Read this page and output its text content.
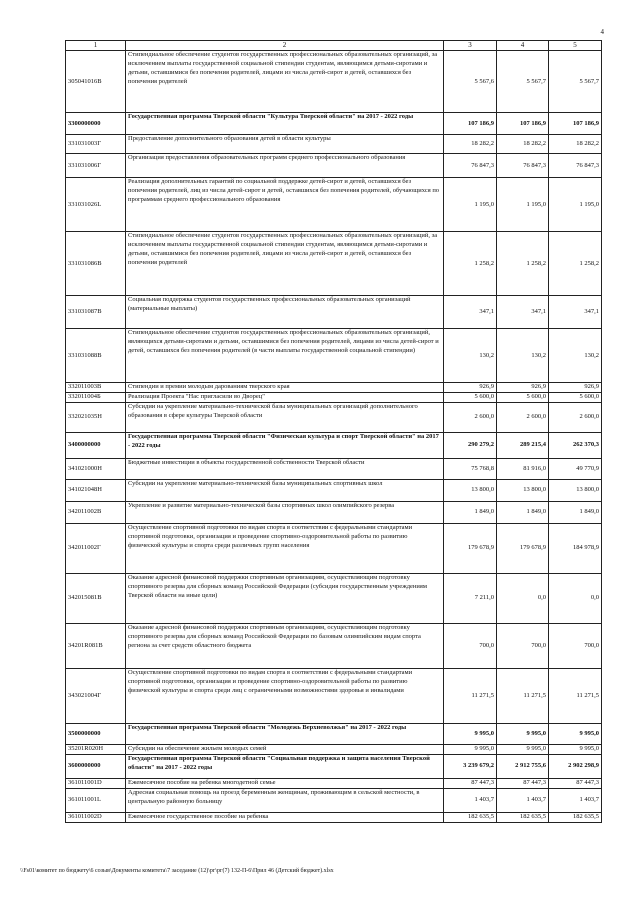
4
1	2	3	4	5
305041016B	Стипендиальное обеспечение студентов государственных профессиональных образовательных организаций, за исключением выплаты государственной социальной стипендии студентам, являющимся детьми-сиротами и детьми, оставшимися без попечения родителей, лицами из числа детей-сирот и детей, оставшихся без попечения родителей	5 567,6	5 567,7	5 567,7
3300000000	Государственная программа Тверской области "Культура Тверской области" на 2017 - 2022 годы	107 186,9	107 186,9	107 186,9
331031003Г	Предоставление дополнительного образования детей в области культуры	18 282,2	18 282,2	18 282,2
331031006Г	Организация предоставления образовательных программ среднего профессионального образования	76 847,3	76 847,3	76 847,3
331031026L	Реализация дополнительных гарантий по социальной поддержке детей-сирот и детей, оставшихся без попечения родителей, лиц из числа детей-сирот и детей, оставшихся без попечения родителей, обучающихся по программам среднего профессионального образования	1 195,0	1 195,0	1 195,0
331031086В	Стипендиальное обеспечение студентов государственных профессиональных образовательных организаций, за исключением выплаты государственной социальной стипендии студентам, являющимся детьми-сиротами и детьми, оставшимися без попечения родителей, лицами из числа детей-сирот и детей, оставшихся без попечения родителей	1 258,2	1 258,2	1 258,2
331031087В	Социальная поддержка студентов государственных профессиональных образовательных организаций (материальные выплаты)	347,1	347,1	347,1
331031088В	Стипендиальное обеспечение студентов государственных профессиональных образовательных организаций, являющихся детьми-сиротами и детьми, оставшимися без попечения родителей, лицами из числа детей-сирот и детей, оставшихся без попечения родителей (в части выплаты государственной социальной стипендии)	130,2	130,2	130,2
332011003В	Стипендии и премии молодым дарованиям тверского края	926,9	926,9	926,9
332011004Б	Реализация Проекта "Нас пригласили во Дворец"	5 600,0	5 600,0	5 600,0
332021035Н	Субсидии на укрепление материально-технической базы муниципальных организаций дополнительного образования в сфере культуры Тверской области	2 600,0	2 600,0	2 600,0
3400000000	Государственная программа Тверской области "Физическая культура и спорт Тверской области" на 2017 - 2022 годы	290 279,2	289 215,4	262 370,3
341021000Н	Бюджетные инвестиции в объекты государственной собственности Тверской области	75 768,8	81 916,0	49 770,9
341021048Н	Субсидии на укрепление материально-технической базы муниципальных спортивных школ	13 800,0	13 800,0	13 800,0
342011002В	Укрепление и развитие материально-технической базы спортивных школ олимпийского резерва	1 849,0	1 849,0	1 849,0
342011002Г	Осуществление спортивной подготовки по видам спорта в соответствии с федеральными стандартами спортивной подготовки, организация и проведение спортивно-оздоровительной работы по развитию физической культуры и спорта среди различных групп населения	179 678,9	179 678,9	184 978,9
342015081В	Оказание адресной финансовой поддержки спортивным организациям, осуществляющим подготовку спортивного резерва для сборных команд Российской Федерации (субсидия государственным учреждениям Тверской области на иные цели)	7 211,0	0,0	0,0
34201R081В	Оказание адресной финансовой поддержки спортивным организациям, осуществляющим подготовку спортивного резерва для сборных команд Российской Федерации по базовым олимпийским видам спорта региона за счет средств областного бюджета	700,0	700,0	700,0
343021004Г	Осуществление спортивной подготовки по видам спорта в соответствии с федеральными стандартами спортивной подготовки, организация и проведение спортивно-оздоровительной работы по развитию физической культуры и спорта среди лиц с ограниченными возможностями здоровья и инвалидами	11 271,5	11 271,5	11 271,5
3500000000	Государственная программа Тверской области "Молодежь Верхневолжья" на 2017 - 2022 годы	9 995,0	9 995,0	9 995,0
35201R020Н	Субсидии на обеспечение жильем молодых семей	9 995,0	9 995,0	9 995,0
3600000000	Государственная программа Тверской области "Социальная поддержка и защита населения Тверской области" на 2017 - 2022 годы	3 239 679,2	2 912 755,6	2 902 298,9
361011001D	Ежемесячное пособие на ребенка многодетной семье	87 447,3	87 447,3	87 447,3
361011001L	Адресная социальная помощь на проезд беременным женщинам, проживающим в сельской местности, в центральную районную больницу	1 403,7	1 403,7	1 403,7
361011002D	Ежемесячное государственное пособие на ребенка	182 635,5	182 635,5	182 635,5
\\Fs01\комитет по бюджету\6 созыв\Документы комитета\7 заседание (12)\рг\рг(7) 132-П-6\Прил 46 (Детский бюджет).xlsx
